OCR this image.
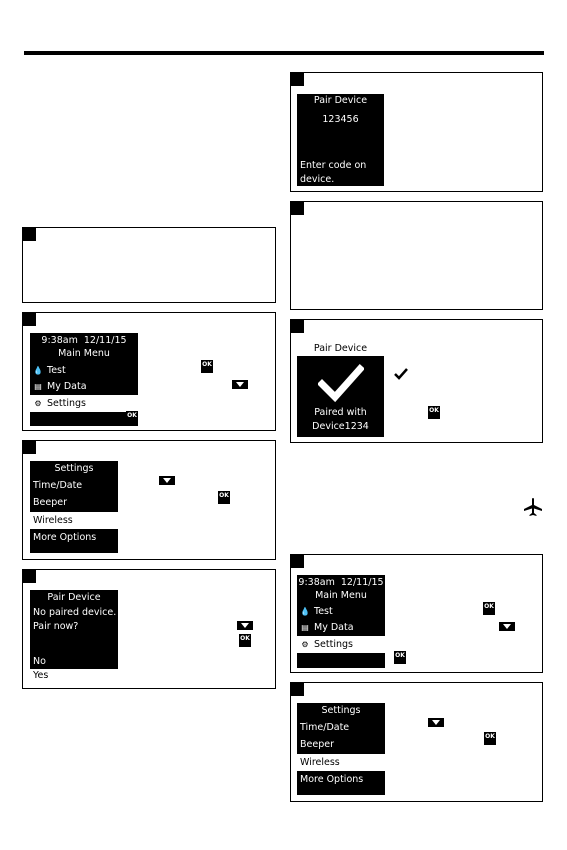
9:38am 12/11/15
Main Menu
💧 Test
▤ My Data
⚙ Settings
OK
OK
Settings
Time/Date
Beeper
Wireless
More Options
OK
Pair Device
No paired device.
Pair now?
No
Yes
OK
Pair Device
123456
Enter code on
device.
Pair Device
Paired with
Device1234
OK
9:38am 12/11/15
Main Menu
💧 Test
▤ My Data
⚙ Settings
OK
OK
Settings
Time/Date
Beeper
Wireless
More Options
OK
